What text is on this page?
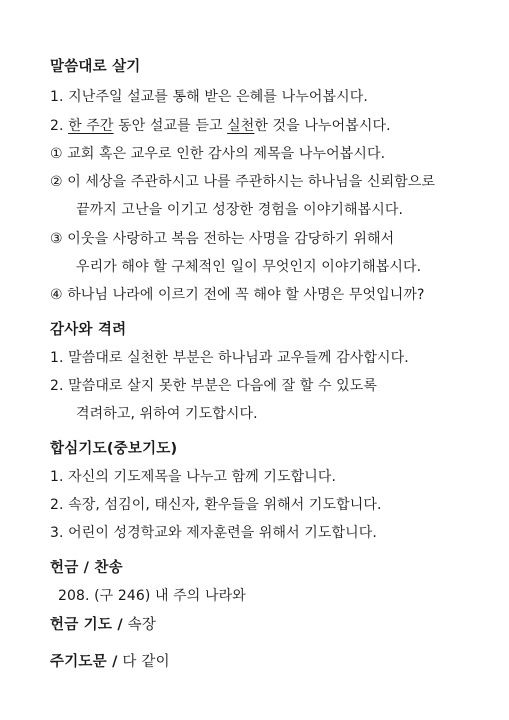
말씀대로 살기
1. 지난주일 설교를 통해 받은 은혜를 나누어봅시다.
2. 한 주간 동안 설교를 듣고 실천한 것을 나누어봅시다.
① 교회 혹은 교우로 인한 감사의 제목을 나누어봅시다.
② 이 세상을 주관하시고 나를 주관하시는 하나님을 신뢰함으로
끝까지 고난을 이기고 성장한 경험을 이야기해봅시다.
③ 이웃을 사랑하고 복음 전하는 사명을 감당하기 위해서
우리가 해야 할 구체적인 일이 무엇인지 이야기해봅시다.
④ 하나님 나라에 이르기 전에 꼭 해야 할 사명은 무엇입니까?
감사와 격려
1. 말씀대로 실천한 부분은 하나님과 교우들께 감사합시다.
2. 말씀대로 살지 못한 부분은 다음에 잘 할 수 있도록
격려하고, 위하여 기도합시다.
합심기도(중보기도)
1. 자신의 기도제목을 나누고 함께 기도합니다.
2. 속장, 섬김이, 태신자, 환우들을 위해서 기도합니다.
3. 어린이 성경학교와 제자훈련을 위해서 기도합니다.
헌금 / 찬송
208. (구 246) 내 주의 나라와
헌금 기도 / 속장
주기도문 / 다 같이
